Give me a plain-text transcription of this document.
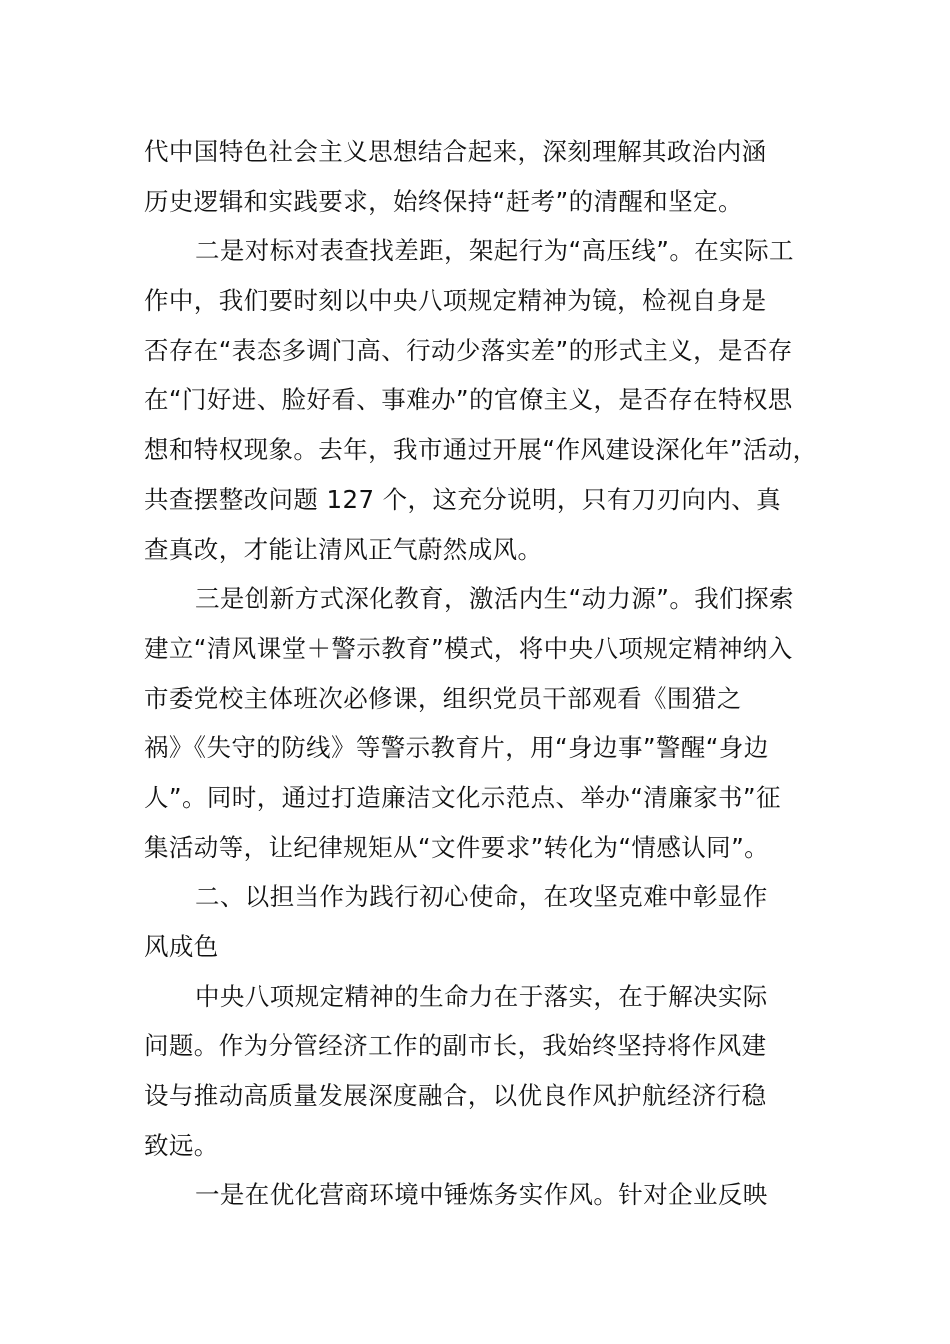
代中国特色社会主义思想结合起来，深刻理解其政治内涵
历史逻辑和实践要求，始终保持“赶考”的清醒和坚定。
二是对标对表查找差距，架起行为“高压线”。在实际工
作中，我们要时刻以中央八项规定精神为镜，检视自身是
否存在“表态多调门高、行动少落实差”的形式主义，是否存
在“门好进、脸好看、事难办”的官僚主义，是否存在特权思
想和特权现象。去年，我市通过开展“作风建设深化年”活动，
共查摆整改问题 127 个，这充分说明，只有刀刃向内、真
查真改，才能让清风正气蔚然成风。
三是创新方式深化教育，激活内生“动力源”。我们探索
建立“清风课堂＋警示教育”模式，将中央八项规定精神纳入
市委党校主体班次必修课，组织党员干部观看《围猎之
祸》《失守的防线》等警示教育片，用“身边事”警醒“身边
人”。同时，通过打造廉洁文化示范点、举办“清廉家书”征
集活动等，让纪律规矩从“文件要求”转化为“情感认同”。
二、以担当作为践行初心使命，在攻坚克难中彰显作
风成色
中央八项规定精神的生命力在于落实，在于解决实际
问题。作为分管经济工作的副市长，我始终坚持将作风建
设与推动高质量发展深度融合，以优良作风护航经济行稳
致远。
一是在优化营商环境中锤炼务实作风。针对企业反映
